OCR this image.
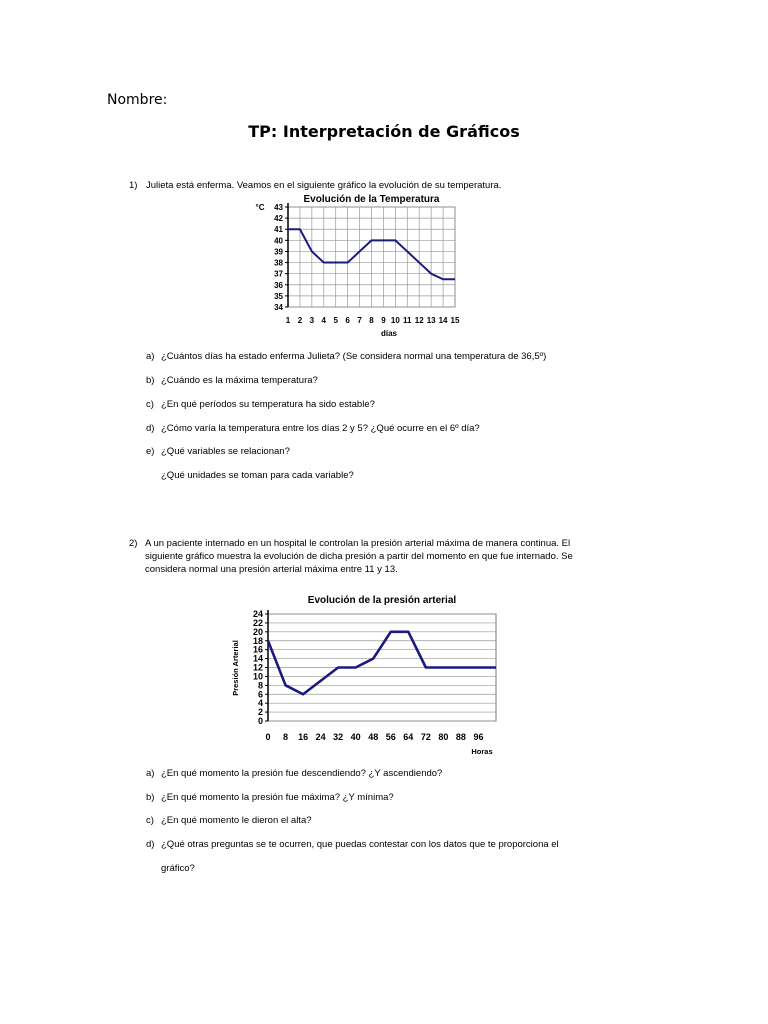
Nombre:
TP: Interpretación de Gráficos
1) Julieta está enferma. Veamos en el siguiente gráfico la evolución de su temperatura.
Evolución de la Temperatura
34
35
36
37
38
39
40
41
42
43
1 2 3 4 5 6 7 8 9 10 11 12 13 14 15
días
°C
a) ¿Cuántos días ha estado enferma Julieta? (Se considera normal una temperatura de 36,5º)
b) ¿Cuándo es la máxima temperatura?
c) ¿En qué períodos su temperatura ha sido estable?
d) ¿Cómo varía la temperatura entre los días 2 y 5? ¿Qué ocurre en el 6º día?
e) ¿Qué variables se relacionan?
¿Qué unidades se toman para cada variable?
2) A un paciente internado en un hospital le controlan la presión arterial máxima de manera continua. El
siguiente gráfico muestra la evolución de dicha presión a partir del momento en que fue internado. Se
considera normal una presión arterial máxima entre 11 y 13.
Evolución de la presión arterial
0
2
4
6
8
10
12
14
16
18
20
22
24
0 8 16 24 32 40 48 56 64 72 80 88 96
Horas
Presión Arterial
a) ¿En qué momento la presión fue descendiendo? ¿Y ascendiendo?
b) ¿En qué momento la presión fue máxima? ¿Y mínima?
c) ¿En qué momento le dieron el alta?
d) ¿Qué otras preguntas se te ocurren, que puedas contestar con los datos que te proporciona el
gráfico?
